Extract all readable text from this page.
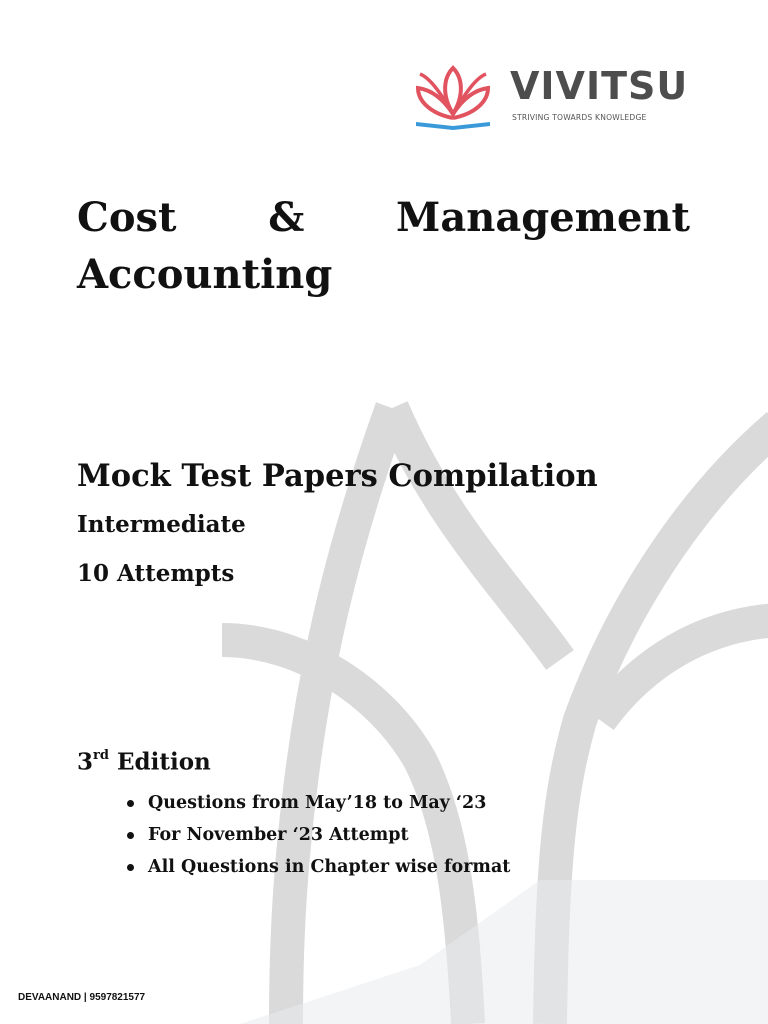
VIVITSU
STRIVING TOWARDS KNOWLEDGE
Cost & Management
Accounting
Mock Test Papers Compilation
Intermediate
10 Attempts
3rd Edition
Questions from May’18 to May ‘23
For November ‘23 Attempt
All Questions in Chapter wise format
DEVAANAND | 9597821577
